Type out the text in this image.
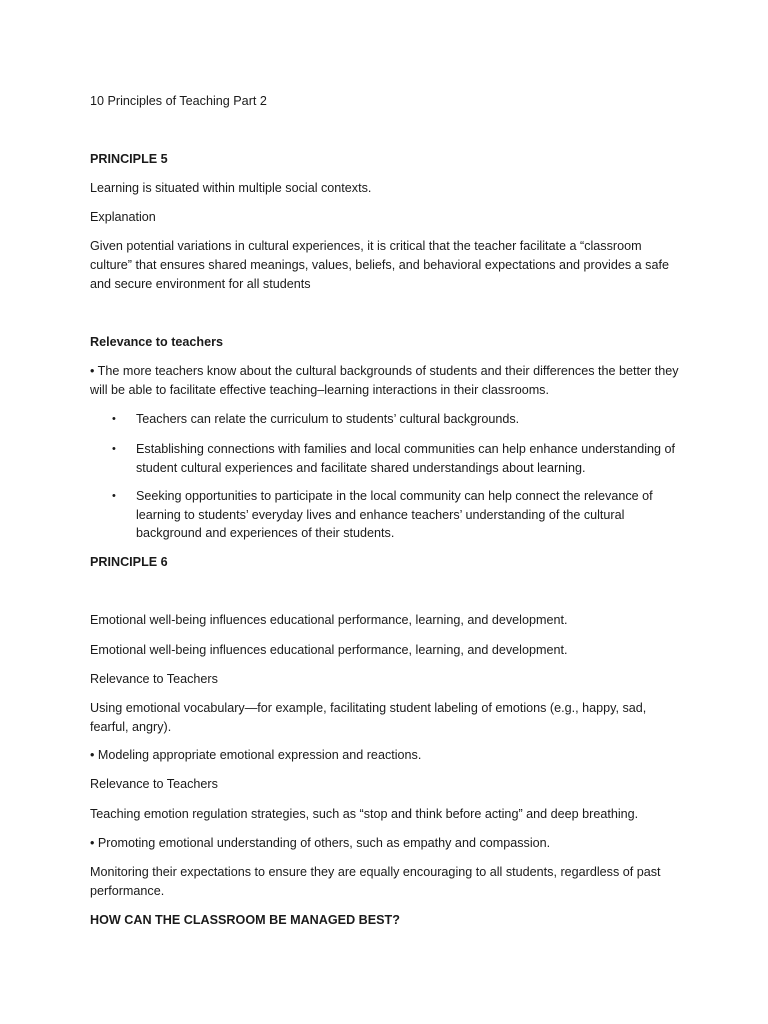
10 Principles of Teaching Part 2

PRINCIPLE 5

Learning is situated within multiple social contexts.

Explanation

Given potential variations in cultural experiences, it is critical that the teacher facilitate a “classroom culture” that ensures shared meanings, values, beliefs, and behavioral expectations and provides a safe and secure environment for all students

Relevance to teachers

• The more teachers know about the cultural backgrounds of students and their differences the better they will be able to facilitate effective teaching–learning interactions in their classrooms.

•	Teachers can relate the curriculum to students’ cultural backgrounds.
•	Establishing connections with families and local communities can help enhance understanding of student cultural experiences and facilitate shared understandings about learning.
•	Seeking opportunities to participate in the local community can help connect the relevance of learning to students’ everyday lives and enhance teachers’ understanding of the cultural background and experiences of their students.

PRINCIPLE 6

Emotional well-being influences educational performance, learning, and development.

Emotional well-being influences educational performance, learning, and development.

Relevance to Teachers

Using emotional vocabulary—for example, facilitating student labeling of emotions (e.g., happy, sad, fearful, angry).

• Modeling appropriate emotional expression and reactions.

Relevance to Teachers

Teaching emotion regulation strategies, such as “stop and think before acting” and deep breathing.

• Promoting emotional understanding of others, such as empathy and compassion.

Monitoring their expectations to ensure they are equally encouraging to all students, regardless of past performance.

HOW CAN THE CLASSROOM BE MANAGED BEST?
